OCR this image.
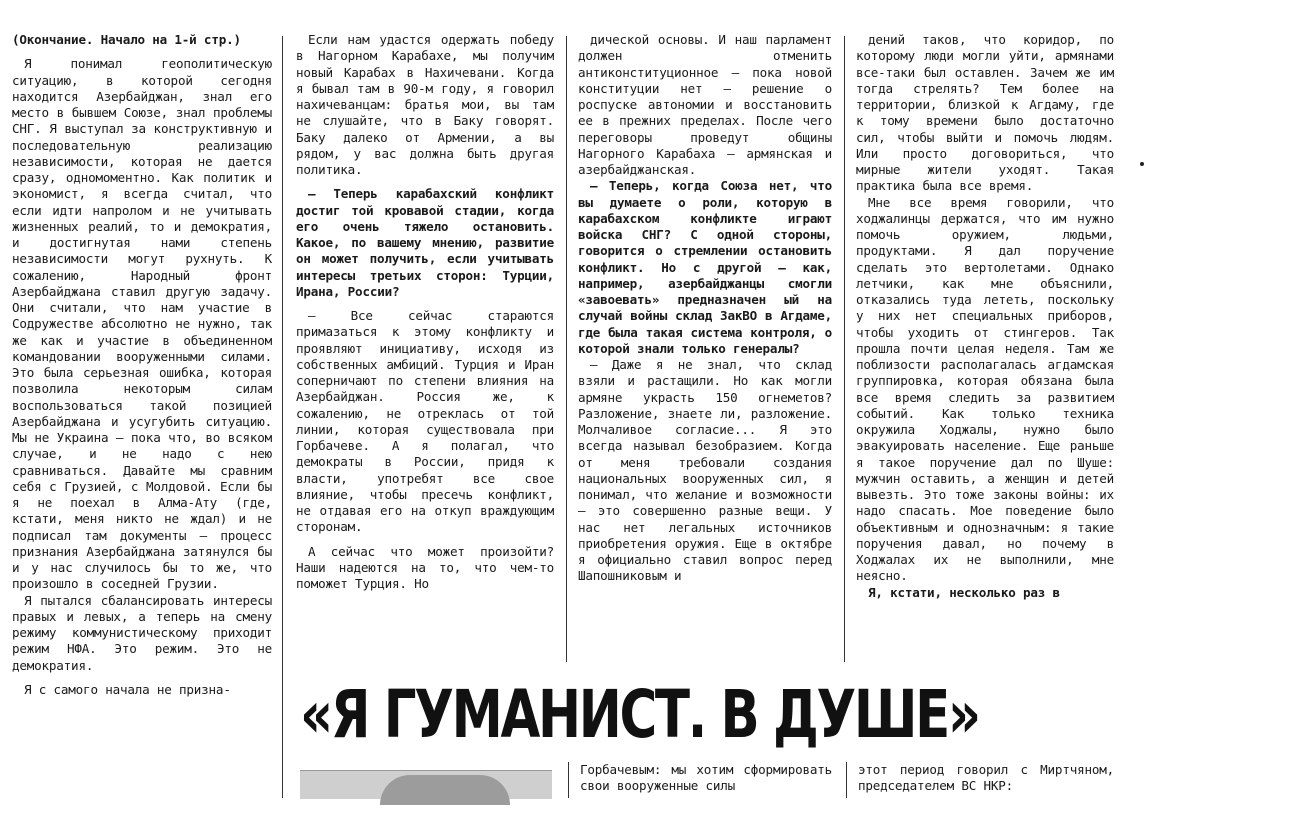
(Окончание. Начало на 1-й стр.)

Я понимал геополитическую ситуацию, в которой сегодня находится Азербайджан, знал его место в бывшем Союзе, знал проблемы СНГ. Я выступал за конструктивную и последовательную реализацию независимости, которая не дается сразу, одномоментно. Как политик и экономист, я всегда считал, что если идти напролом и не учитывать жизненных реалий, то и демократия, и достигнутая нами степень независимости могут рухнуть. К сожалению, Народный фронт Азербайджана ставил другую задачу. Они считали, что нам участие в Содружестве абсолютно не нужно, так же как и участие в объединенном командовании вооруженными силами. Это была серьезная ошибка, которая позволила некоторым силам воспользоваться такой позицией Азербайджана и усугубить ситуацию. Мы не Украина — пока что, во всяком случае, и не надо с нею сравниваться. Давайте мы сравним себя с Грузией, с Молдовой. Если бы я не поехал в Алма-Ату (где, кстати, меня никто не ждал) и не подписал там документы — процесс признания Азербайджана затянулся бы и у нас случилось бы то же, что произошло в соседней Грузии.

Я пытался сбалансировать интересы правых и левых, а теперь на смену режиму коммунистическому приходит режим НФА. Это режим. Это не демократия.

Я с самого начала не призна-

Если нам удастся одержать победу в Нагорном Карабахе, мы получим новый Карабах в Нахичевани. Когда я бывал там в 90-м году, я говорил нахичеванцам: братья мои, вы там не слушайте, что в Баку говорят. Баку далеко от Армении, а вы рядом, у вас должна быть другая политика.

— Теперь карабахский конфликт достиг той кровавой стадии, когда его очень тяжело остановить. Какое, по вашему мнению, развитие он может получить, если учитывать интересы третьих сторон: Турции, Ирана, России?

— Все сейчас стараются примазаться к этому конфликту и проявляют инициативу, исходя из собственных амбиций. Турция и Иран соперничают по степени влияния на Азербайджан. Россия же, к сожалению, не отреклась от той линии, которая существовала при Горбачеве. А я полагал, что демократы в России, придя к власти, употребят все свое влияние, чтобы пресечь конфликт, не отдавая его на откуп враждующим сторонам.

А сейчас что может произойти? Наши надеются на то, что чем-то поможет Турция. Но

дической основы. И наш парламент должен отменить антиконституционное — пока новой конституции нет — решение о роспуске автономии и восстановить ее в прежних пределах. После чего переговоры проведут общины Нагорного Карабаха — армянская и азербайджанская.

— Теперь, когда Союза нет, что вы думаете о роли, которую в карабахском конфликте играют войска СНГ? С одной стороны, говорится о стремлении остановить конфликт. Но с другой — как, например, азербайджанцы смогли «завоевать» предназначен ый на случай войны склад ЗакВО в Агдаме, где была такая система контроля, о которой знали только генералы?

— Даже я не знал, что склад взяли и растащили. Но как могли армяне украсть 150 огнеметов? Разложение, знаете ли, разложение. Молчаливое согласие... Я это всегда называл безобразием. Когда от меня требовали создания национальных вооруженных сил, я понимал, что желание и возможности — это совершенно разные вещи. У нас нет легальных источников приобретения оружия. Еще в октябре я официально ставил вопрос перед Шапошниковым и

дений таков, что коридор, по которому люди могли уйти, армянами все-таки был оставлен. Зачем же им тогда стрелять? Тем более на территории, близкой к Агдаму, где к тому времени было достаточно сил, чтобы выйти и помочь людям. Или просто договориться, что мирные жители уходят. Такая практика была все время.

Мне все время говорили, что ходжалинцы держатся, что им нужно помочь оружием, людьми, продуктами. Я дал поручение сделать это вертолетами. Однако летчики, как мне объяснили, отказались туда лететь, поскольку у них нет специальных приборов, чтобы уходить от стингеров. Так прошла почти целая неделя. Там же поблизости располагалась агдамская группировка, которая обязана была все время следить за развитием событий. Как только техника окружила Ходжалы, нужно было эвакуировать население. Еще раньше я такое поручение дал по Шуше: мужчин оставить, а женщин и детей вывезть. Это тоже законы войны: их надо спасать. Мое поведение было объективным и однозначным: я такие поручения давал, но почему в Ходжалах их не выполнили, мне неясно.

Я, кстати, несколько раз в

«Я ГУМАНИСТ. В ДУШЕ»

Горбачевым: мы хотим сформировать свои вооруженные силы

этот период говорил с Миртчяном, председателем ВС НКР:
